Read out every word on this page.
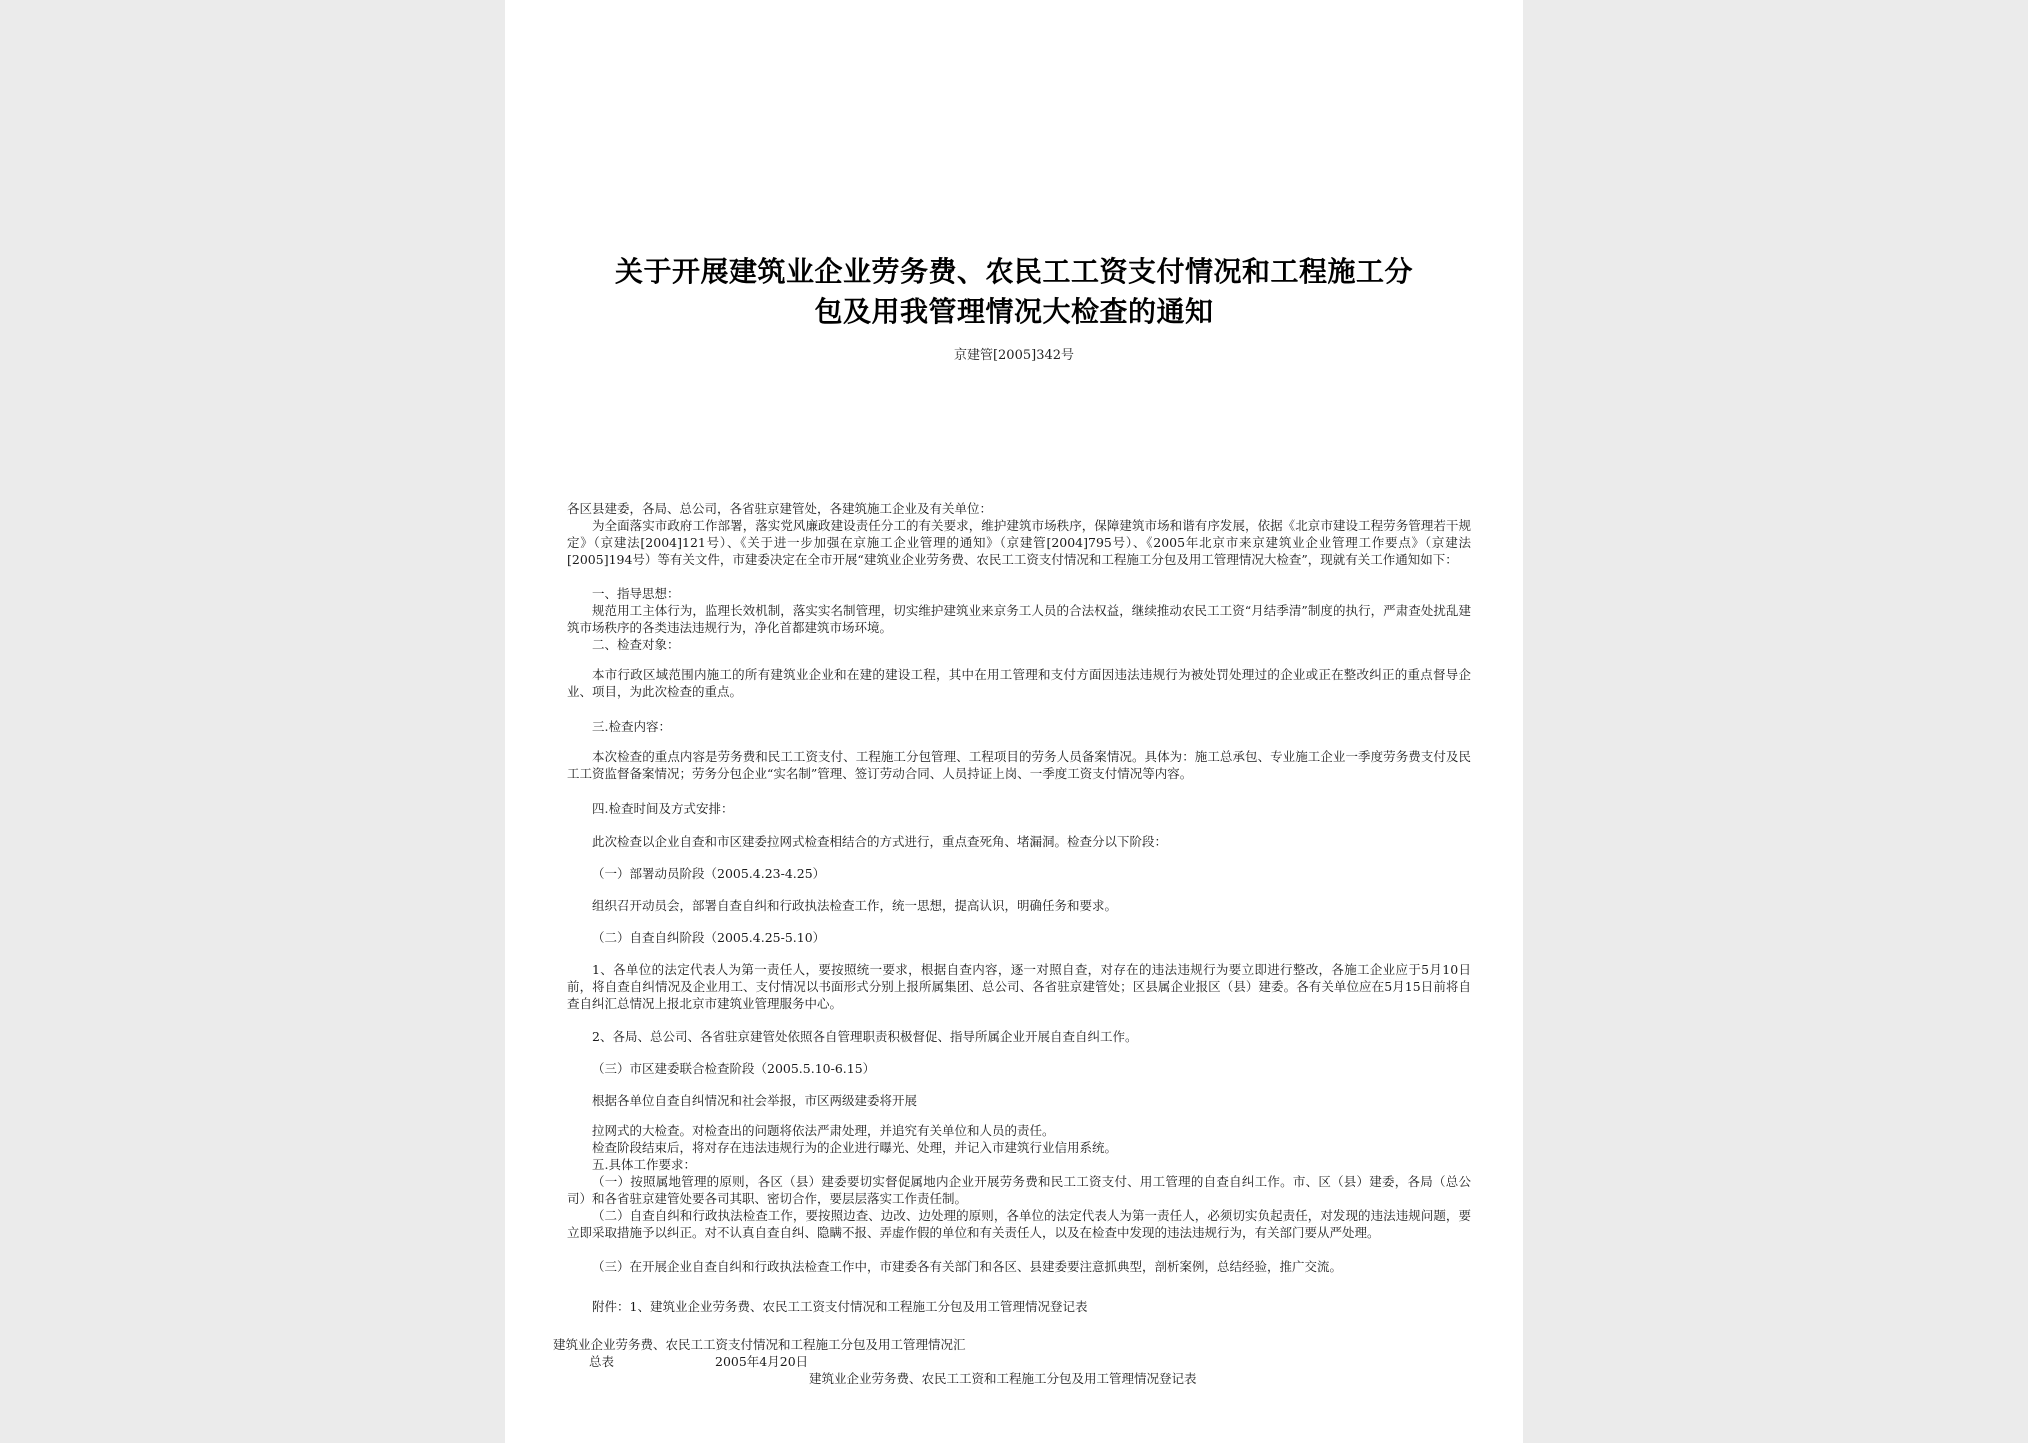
关于开展建筑业企业劳务费、农民工工资支付情况和工程施工分
包及用我管理情况大检查的通知
京建管[2005]342号

各区县建委，各局、总公司，各省驻京建管处，各建筑施工企业及有关单位：

为全面落实市政府工作部署，落实党风廉政建设责任分工的有关要求，维护建筑市场秩序，保障建筑市场和谐有序发展，依据《北京市建设工程劳务管理若干规定》（京建法[2004]121号）、《关于进一步加强在京施工企业管理的通知》（京建管[2004]795号）、《2005年北京市来京建筑业企业管理工作要点》（京建法[2005]194号）等有关文件，市建委决定在全市开展“建筑业企业劳务费、农民工工资支付情况和工程施工分包及用工管理情况大检查”，现就有关工作通知如下：

一、指导思想：

规范用工主体行为，监理长效机制，落实实名制管理，切实维护建筑业来京务工人员的合法权益，继续推动农民工工资“月结季清”制度的执行，严肃查处扰乱建筑市场秩序的各类违法违规行为，净化首都建筑市场环境。

二、检查对象：

本市行政区域范围内施工的所有建筑业企业和在建的建设工程，其中在用工管理和支付方面因违法违规行为被处罚处理过的企业或正在整改纠正的重点督导企业、项目，为此次检查的重点。

三.检查内容：

本次检查的重点内容是劳务费和民工工资支付、工程施工分包管理、工程项目的劳务人员备案情况。具体为：施工总承包、专业施工企业一季度劳务费支付及民工工资监督备案情况；劳务分包企业“实名制”管理、签订劳动合同、人员持证上岗、一季度工资支付情况等内容。

四.检查时间及方式安排：

此次检查以企业自查和市区建委拉网式检查相结合的方式进行，重点查死角、堵漏洞。检查分以下阶段：

（一）部署动员阶段（2005.4.23-4.25）

组织召开动员会，部署自查自纠和行政执法检查工作，统一思想，提高认识，明确任务和要求。

（二）自查自纠阶段（2005.4.25-5.10）

1、各单位的法定代表人为第一责任人，要按照统一要求，根据自查内容，逐一对照自查，对存在的违法违规行为要立即进行整改，各施工企业应于5月10日前，将自查自纠情况及企业用工、支付情况以书面形式分别上报所属集团、总公司、各省驻京建管处；区县属企业报区（县）建委。各有关单位应在5月15日前将自查自纠汇总情况上报北京市建筑业管理服务中心。

2、各局、总公司、各省驻京建管处依照各自管理职责积极督促、指导所属企业开展自查自纠工作。

（三）市区建委联合检查阶段（2005.5.10-6.15）

根据各单位自查自纠情况和社会举报，市区两级建委将开展

拉网式的大检查。对检查出的问题将依法严肃处理，并追究有关单位和人员的责任。

检查阶段结束后，将对存在违法违规行为的企业进行曝光、处理，并记入市建筑行业信用系统。

五.具体工作要求：

（一）按照属地管理的原则，各区（县）建委要切实督促属地内企业开展劳务费和民工工资支付、用工管理的自查自纠工作。市、区（县）建委，各局（总公司）和各省驻京建管处要各司其职、密切合作，要层层落实工作责任制。

（二）自查自纠和行政执法检查工作，要按照边查、边改、边处理的原则，各单位的法定代表人为第一责任人，必须切实负起责任，对发现的违法违规问题，要立即采取措施予以纠正。对不认真自查自纠、隐瞒不报、弄虚作假的单位和有关责任人，以及在检查中发现的违法违规行为，有关部门要从严处理。

（三）在开展企业自查自纠和行政执法检查工作中，市建委各有关部门和各区、县建委要注意抓典型，剖析案例，总结经验，推广交流。

附件：1、建筑业企业劳务费、农民工工资支付情况和工程施工分包及用工管理情况登记表

建筑业企业劳务费、农民工工资支付情况和工程施工分包及用工管理情况汇
总表	2005年4月20日
建筑业企业劳务费、农民工工资和工程施工分包及用工管理情况登记表
